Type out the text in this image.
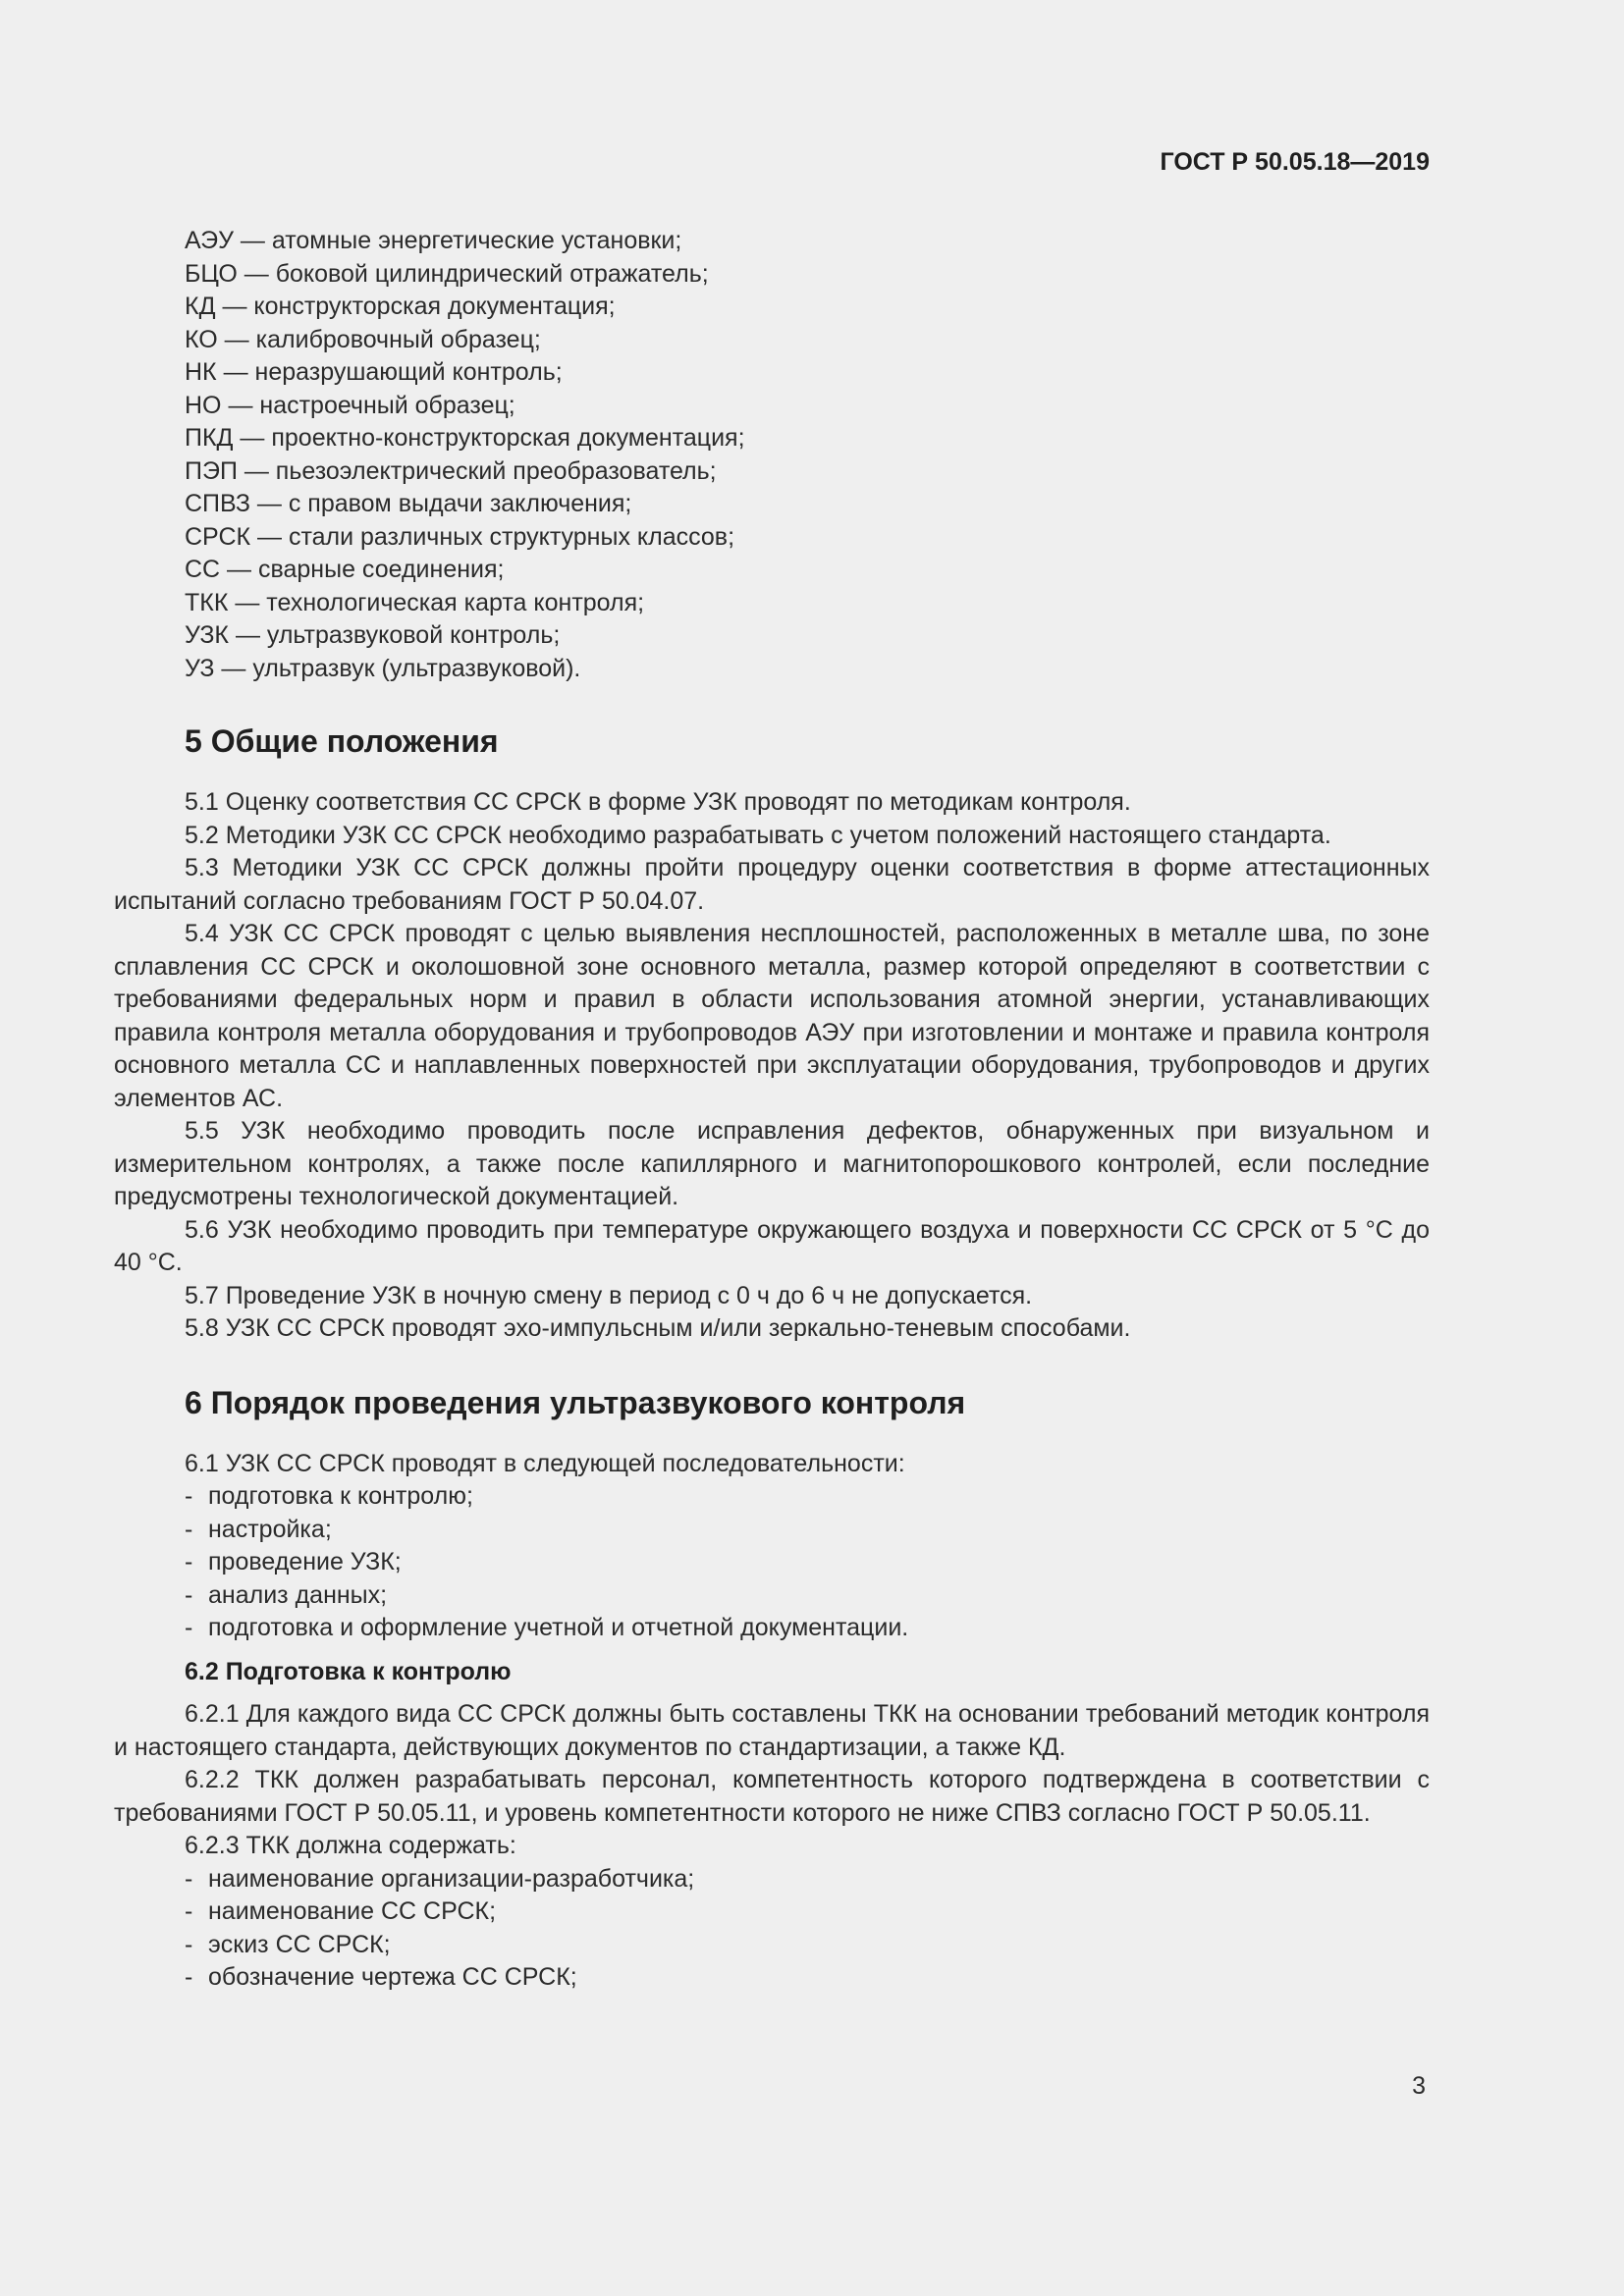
ГОСТ Р 50.05.18—2019
АЭУ — атомные энергетические установки;
БЦО — боковой цилиндрический отражатель;
КД — конструкторская документация;
КО — калибровочный образец;
НК — неразрушающий контроль;
НО — настроечный образец;
ПКД — проектно-конструкторская документация;
ПЭП — пьезоэлектрический преобразователь;
СПВЗ — с правом выдачи заключения;
СРСК — стали различных структурных классов;
СС — сварные соединения;
ТКК — технологическая карта контроля;
УЗК — ультразвуковой контроль;
УЗ — ультразвук (ультразвуковой).
5 Общие положения

5.1 Оценку соответствия СС СРСК в форме УЗК проводят по методикам контроля.

5.2 Методики УЗК СС СРСК необходимо разрабатывать с учетом положений настоящего стандарта.

5.3 Методики УЗК СС СРСК должны пройти процедуру оценки соответствия в форме аттестационных испытаний согласно требованиям ГОСТ Р 50.04.07.

5.4 УЗК СС СРСК проводят с целью выявления несплошностей, расположенных в металле шва, по зоне сплавления СС СРСК и околошовной зоне основного металла, размер которой определяют в соответствии с требованиями федеральных норм и правил в области использования атомной энергии, устанавливающих правила контроля металла оборудования и трубопроводов АЭУ при изготовлении и монтаже и правила контроля основного металла СС и наплавленных поверхностей при эксплуатации оборудования, трубопроводов и других элементов АС.

5.5 УЗК необходимо проводить после исправления дефектов, обнаруженных при визуальном и измерительном контролях, а также после капиллярного и магнитопорошкового контролей, если последние предусмотрены технологической документацией.

5.6 УЗК необходимо проводить при температуре окружающего воздуха и поверхности СС СРСК от 5 °С до 40 °С.

5.7 Проведение УЗК в ночную смену в период с 0 ч до 6 ч не допускается.

5.8 УЗК СС СРСК проводят эхо-импульсным и/или зеркально-теневым способами.

6 Порядок проведения ультразвукового контроля

6.1 УЗК СС СРСК проводят в следующей последовательности:

- подготовка к контролю;
- настройка;
- проведение УЗК;
- анализ данных;
- подготовка и оформление учетной и отчетной документации.
6.2 Подготовка к контролю

6.2.1 Для каждого вида СС СРСК должны быть составлены ТКК на основании требований методик контроля и настоящего стандарта, действующих документов по стандартизации, а также КД.

6.2.2 ТКК должен разрабатывать персонал, компетентность которого подтверждена в соответствии с требованиями ГОСТ Р 50.05.11, и уровень компетентности которого не ниже СПВЗ согласно ГОСТ Р 50.05.11.

6.2.3 ТКК должна содержать:

- наименование организации-разработчика;
- наименование СС СРСК;
- эскиз СС СРСК;
- обозначение чертежа СС СРСК;
3
